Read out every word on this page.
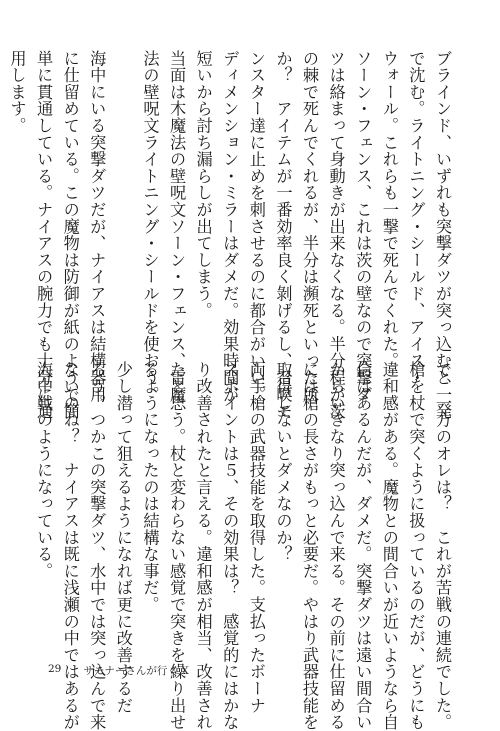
ブラインド、いずれも突撃ダツが突っ込むと一発

で沈む。ライトニング・シールド、アイス・

ウォール。これらも一撃で死んでくれた。

ソーン・フェンス、これは茨の壁なので突撃ダ

ツは絡まって身動きが出来なくなる。半分程が茨

の棘で死んでくれるが、半分は瀕死といった所

か？　アイテムが一番効率良く剝げるし、召喚モ

ンスター達に止めを刺させるのに都合がいい。

ディメンション・ミラーはダメだ。効果時間が

短いから討ち漏らしが出てしまう。

当面は木魔法の壁呪文ソーン・フェンス、雷魔

法の壁呪文ライトニング・シールドを使おう。

海中にいる突撃ダツだが、ナイアスは結構器用

に仕留めている。この魔物は防御が紙のようで簡

単に貫通している。ナイアスの腕力でも十分に通

用します。

で、一方のオレは？　これが苦戦の連続でした。

槍を杖で突くように扱っているのだが、どうにも

違和感がある。魔物との間合いが近いようなら自

信はあるんだが、ダメだ。突撃ダツは遠い間合い

からいきなり突っ込んで来る。その前に仕留める

には槍の長さがもっと必要だ。やはり武器技能を

取得しないとダメなのか？

両手槍の武器技能を取得した。支払ったボーナ

スポイントは５、その効果は？　感覚的にはかな

り改善されたと言える。違和感が相当、改善され

たと思う。杖と変わらない感覚で突きを繰り出せ

るようになったのは結構な事だ。

少し潜って狙えるようになれば更に改善するだ

ろう。つかこの突撃ダツ、水中では突っ込んで来

ないのね？　ナイアスは既に浅瀬の中ではあるが

海中戦のようになっている。

29 サモナーさんが行く X
